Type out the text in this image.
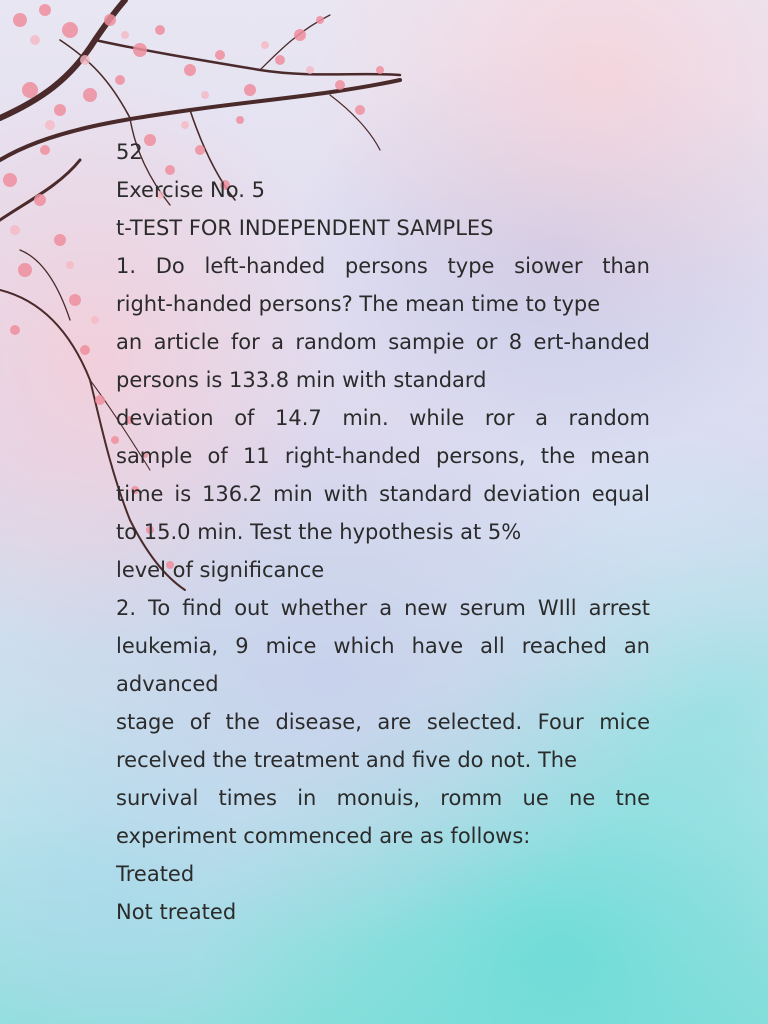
52
Exercise No. 5
t-TEST FOR INDEPENDENT SAMPLES
1. Do left-handed persons type siower than
right-handed persons? The mean time to type
an article for a random sampie or 8 ert-handed
persons is 133.8 min with standard
deviation of 14.7 min. while ror a random
sample of 11 right-handed persons, the mean
time is 136.2 min with standard deviation equal
to 15.0 min. Test the hypothesis at 5%
level of significance
2. To find out whether a new serum WIll arrest
leukemia, 9 mice which have all reached an
advanced
stage of the disease, are selected. Four mice
recelved the treatment and five do not. The
survival times in monuis, romm ue ne tne
experiment commenced are as follows:
Treated
Not treated
